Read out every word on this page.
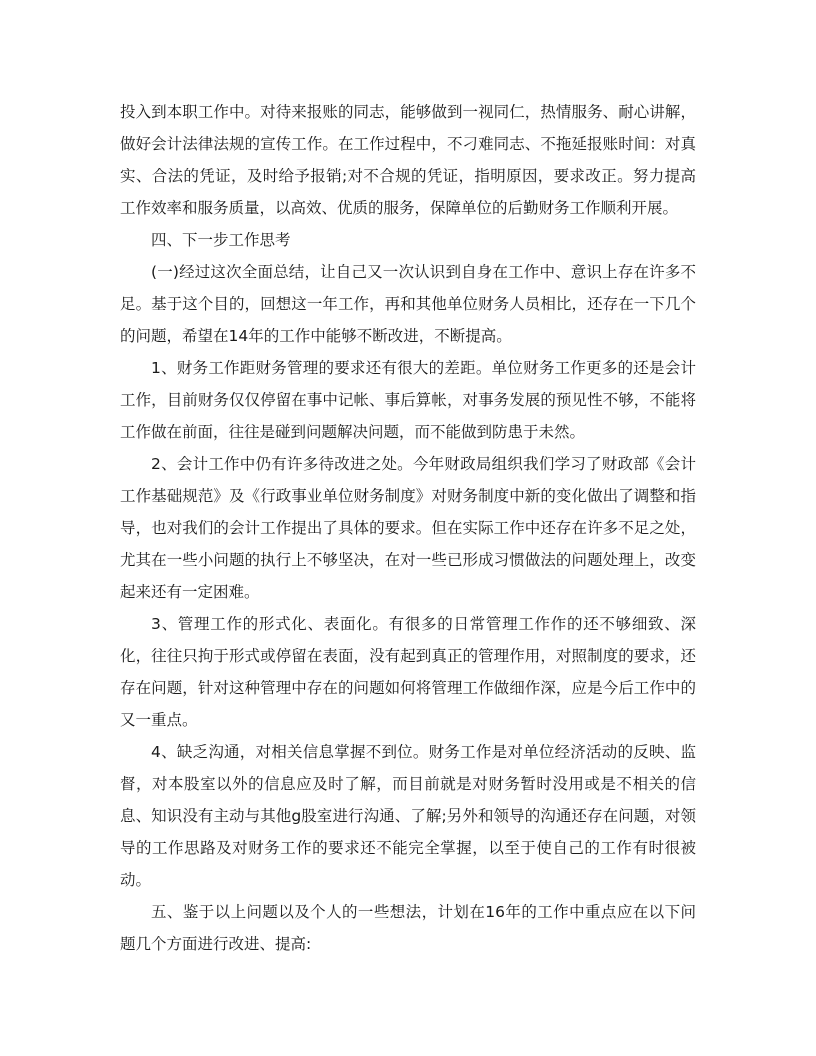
投入到本职工作中。对待来报账的同志，能够做到一视同仁，热情服务、耐心讲解，做好会计法律法规的宣传工作。在工作过程中，不刁难同志、不拖延报账时间：对真实、合法的凭证，及时给予报销;对不合规的凭证，指明原因，要求改正。努力提高工作效率和服务质量，以高效、优质的服务，保障单位的后勤财务工作顺利开展。

四、下一步工作思考

(一)经过这次全面总结，让自己又一次认识到自身在工作中、意识上存在许多不足。基于这个目的，回想这一年工作，再和其他单位财务人员相比，还存在一下几个的问题，希望在14年的工作中能够不断改进，不断提高。

1、财务工作距财务管理的要求还有很大的差距。单位财务工作更多的还是会计工作，目前财务仅仅停留在事中记帐、事后算帐，对事务发展的预见性不够，不能将工作做在前面，往往是碰到问题解决问题，而不能做到防患于未然。

2、会计工作中仍有许多待改进之处。今年财政局组织我们学习了财政部《会计工作基础规范》及《行政事业单位财务制度》对财务制度中新的变化做出了调整和指导，也对我们的会计工作提出了具体的要求。但在实际工作中还存在许多不足之处，尤其在一些小问题的执行上不够坚决，在对一些已形成习惯做法的问题处理上，改变起来还有一定困难。

3、管理工作的形式化、表面化。有很多的日常管理工作作的还不够细致、深化，往往只拘于形式或停留在表面，没有起到真正的管理作用，对照制度的要求，还存在问题，针对这种管理中存在的问题如何将管理工作做细作深，应是今后工作中的又一重点。

4、缺乏沟通，对相关信息掌握不到位。财务工作是对单位经济活动的反映、监督，对本股室以外的信息应及时了解，而目前就是对财务暂时没用或是不相关的信息、知识没有主动与其他g股室进行沟通、了解;另外和领导的沟通还存在问题，对领导的工作思路及对财务工作的要求还不能完全掌握，以至于使自己的工作有时很被动。

五、鉴于以上问题以及个人的一些想法，计划在16年的工作中重点应在以下问题几个方面进行改进、提高:
